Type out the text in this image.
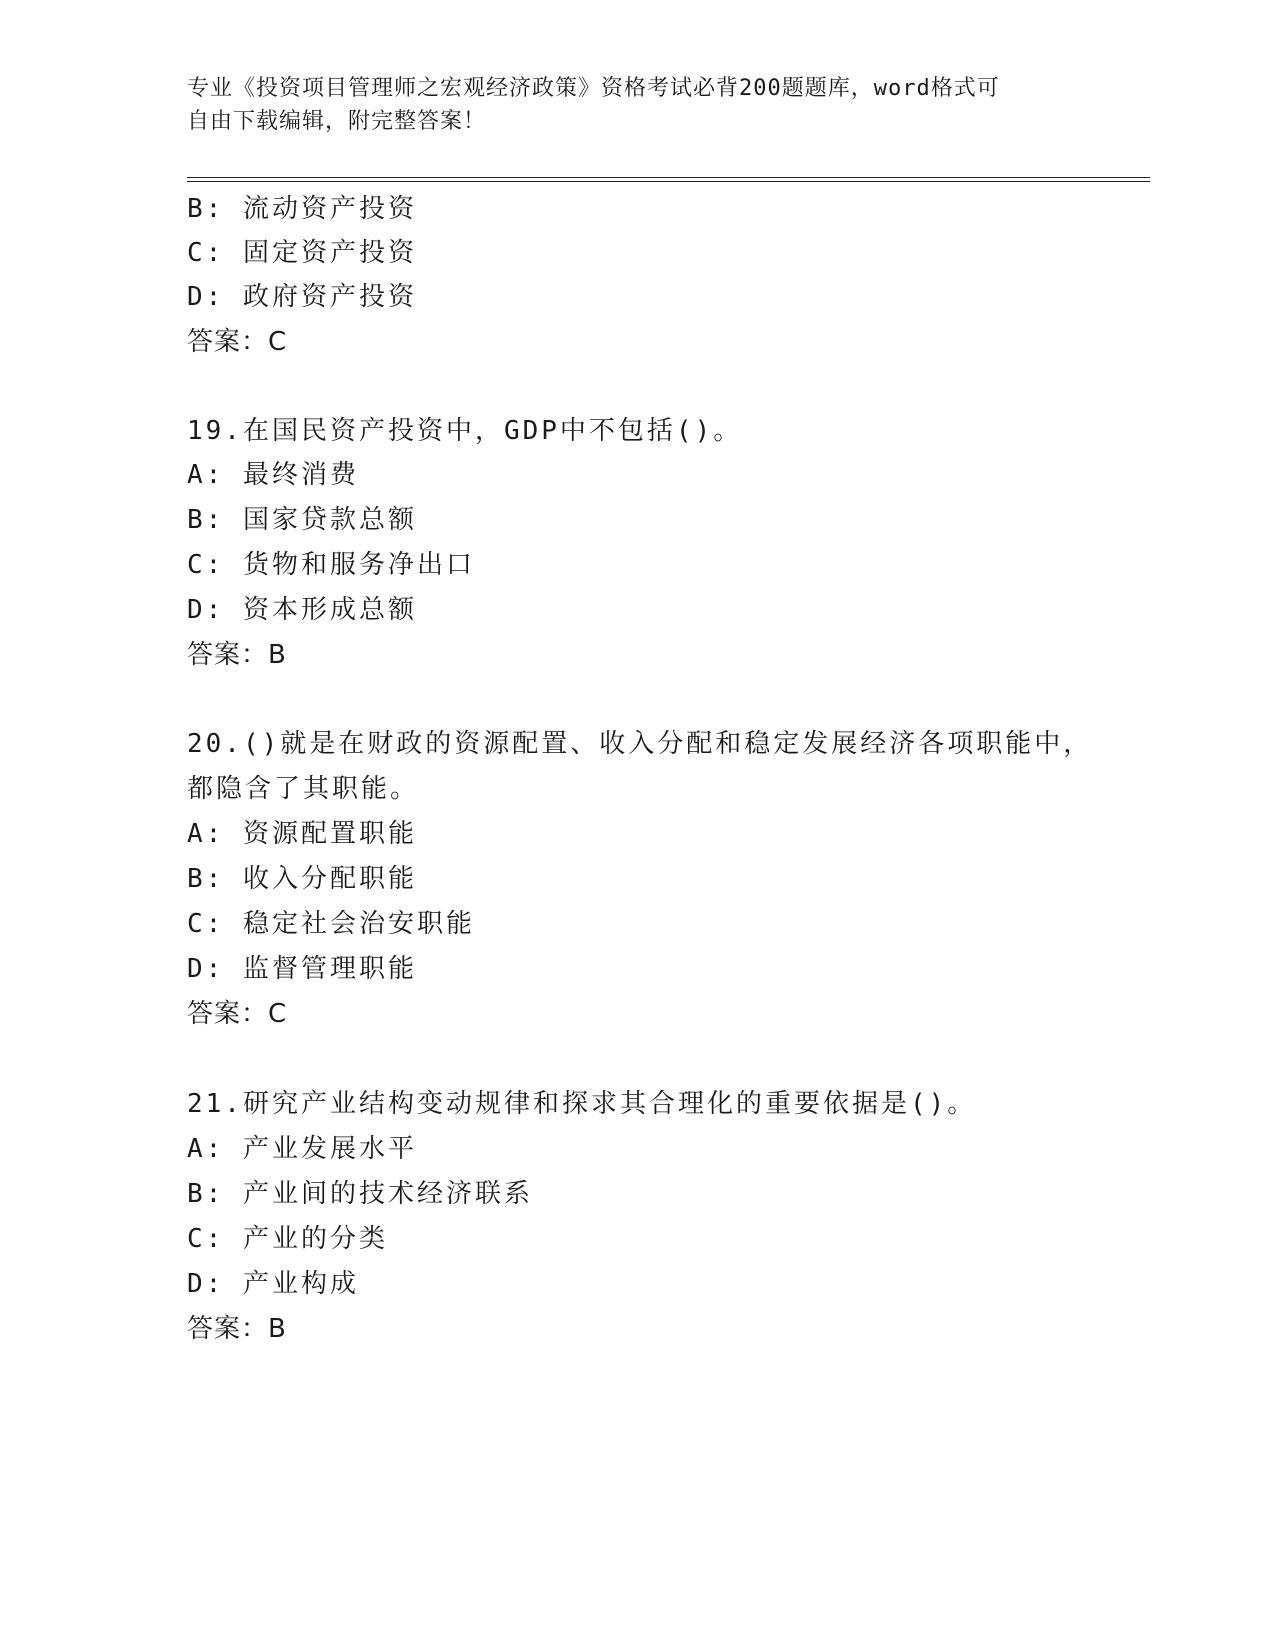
专业《投资项目管理师之宏观经济政策》资格考试必背200题题库，word格式可
自由下载编辑，附完整答案！
B: 流动资产投资
C: 固定资产投资
D: 政府资产投资
答案：C
19.在国民资产投资中，GDP中不包括()。
A: 最终消费
B: 国家贷款总额
C: 货物和服务净出口
D: 资本形成总额
答案：B
20.()就是在财政的资源配置、收入分配和稳定发展经济各项职能中，
都隐含了其职能。
A: 资源配置职能
B: 收入分配职能
C: 稳定社会治安职能
D: 监督管理职能
答案：C
21.研究产业结构变动规律和探求其合理化的重要依据是()。
A: 产业发展水平
B: 产业间的技术经济联系
C: 产业的分类
D: 产业构成
答案：B
